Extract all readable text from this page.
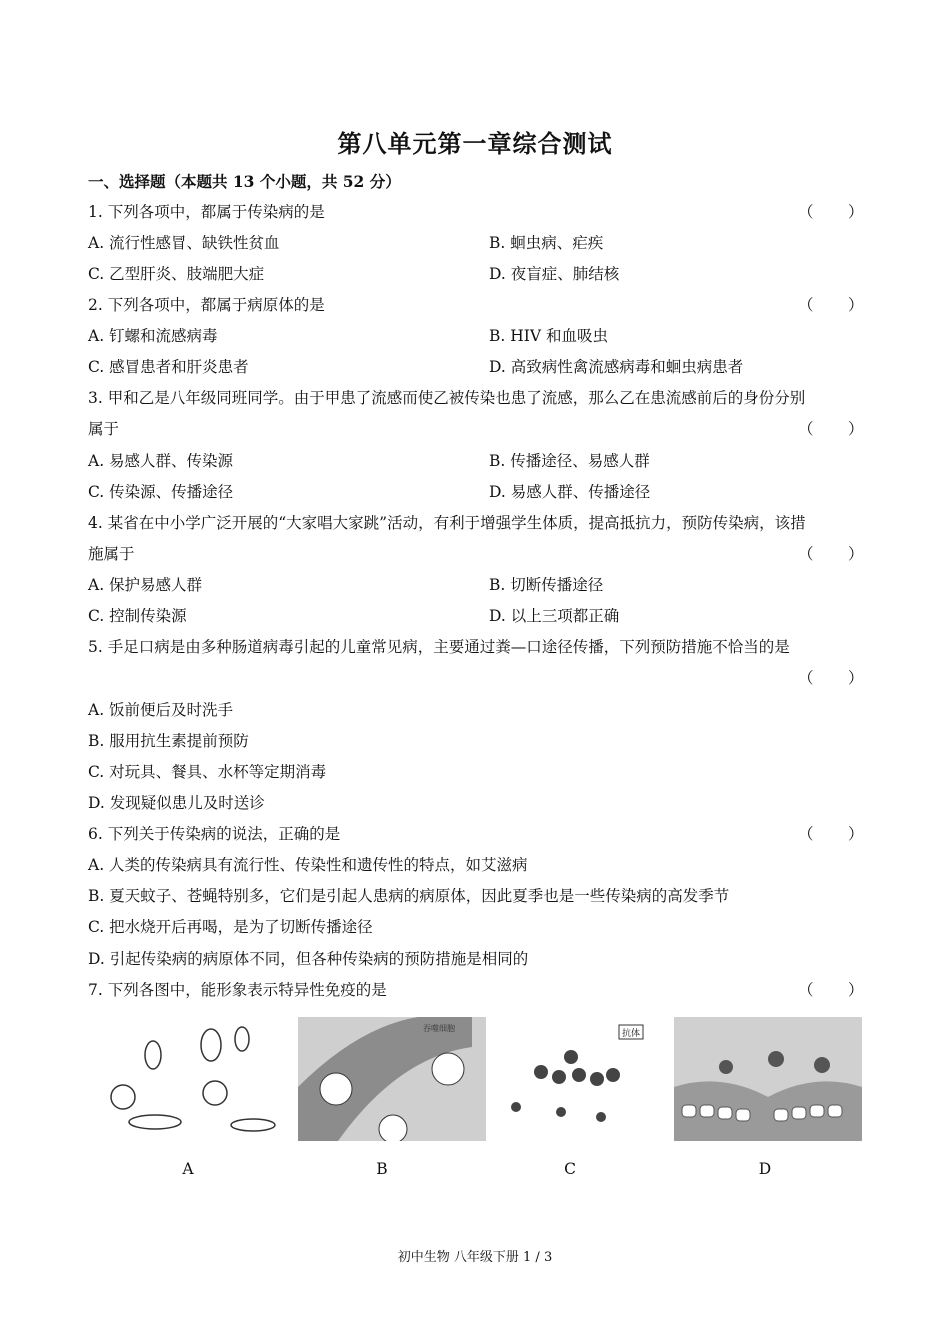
第八单元第一章综合测试
一、选择题（本题共 13 个小题，共 52 分）
1. 下列各项中，都属于传染病的是	（       ）
A. 流行性感冒、缺铁性贫血	B. 蛔虫病、疟疾
C. 乙型肝炎、肢端肥大症	D. 夜盲症、肺结核
2. 下列各项中，都属于病原体的是	（       ）
A. 钉螺和流感病毒	B. HIV 和血吸虫
C. 感冒患者和肝炎患者	D. 高致病性禽流感病毒和蛔虫病患者
3. 甲和乙是八年级同班同学。由于甲患了流感而使乙被传染也患了流感，那么乙在患流感前后的身份分别
属于	（       ）
A. 易感人群、传染源	B. 传播途径、易感人群
C. 传染源、传播途径	D. 易感人群、传播途径
4. 某省在中小学广泛开展的“大家唱大家跳”活动，有利于增强学生体质，提高抵抗力，预防传染病，该措
施属于	（       ）
A. 保护易感人群	B. 切断传播途径
C. 控制传染源	D. 以上三项都正确
5. 手足口病是由多种肠道病毒引起的儿童常见病，主要通过粪—口途径传播，下列预防措施不恰当的是
（       ）
A. 饭前便后及时洗手
B. 服用抗生素提前预防
C. 对玩具、餐具、水杯等定期消毒
D. 发现疑似患儿及时送诊
6. 下列关于传染病的说法，正确的是	（       ）
A. 人类的传染病具有流行性、传染性和遗传性的特点，如艾滋病
B. 夏天蚊子、苍蝇特别多，它们是引起人患病的病原体，因此夏季也是一些传染病的高发季节
C. 把水烧开后再喝，是为了切断传播途径
D. 引起传染病的病原体不同，但各种传染病的预防措施是相同的
7. 下列各图中，能形象表示特异性免疫的是	（       ）
吞噬细胞
抗体
A	B	C	D
初中生物 八年级下册 1 / 3
